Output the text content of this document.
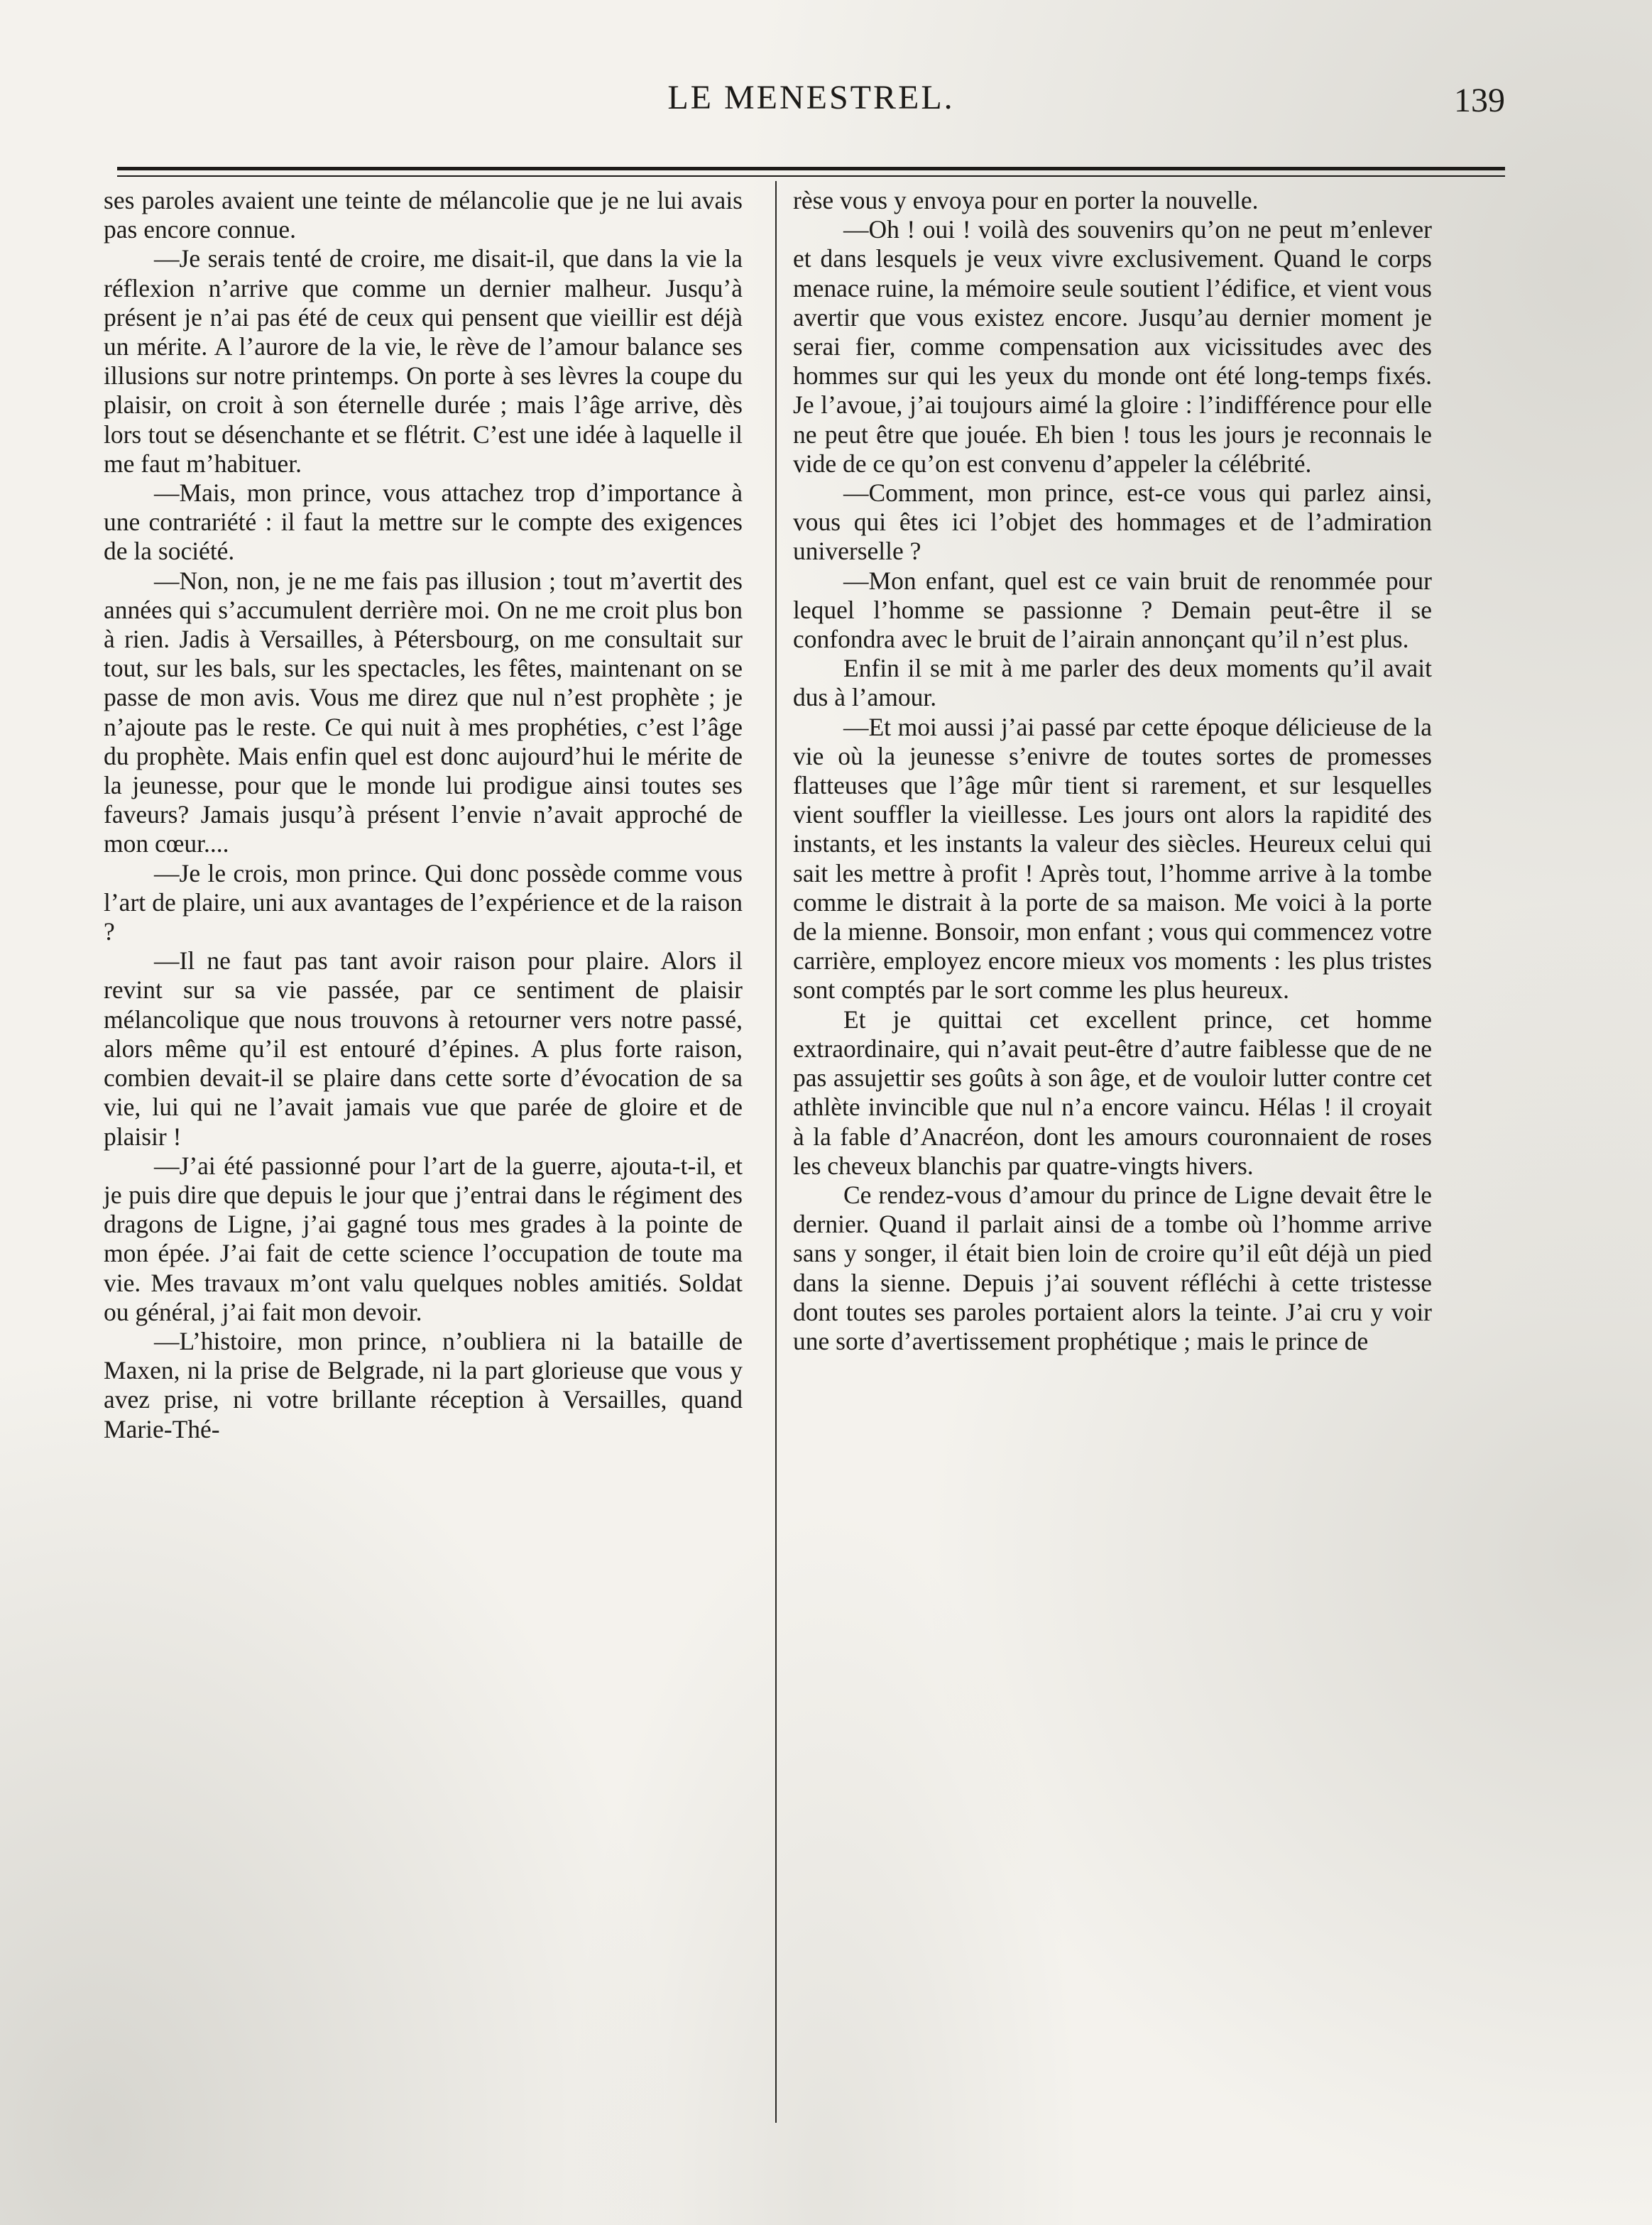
LE MENESTREL.	139

ses paroles avaient une teinte de mélancolie que je ne lui avais pas encore connue.

—Je serais tenté de croire, me disait-il, que dans la vie la réflexion n’arrive que comme un dernier malheur. Jusqu’à présent je n’ai pas été de ceux qui pensent que vieillir est déjà un mérite. A l’aurore de la vie, le rève de l’amour balance ses illusions sur notre printemps. On porte à ses lèvres la coupe du plaisir, on croit à son éternelle durée ; mais l’âge arrive, dès lors tout se désenchante et se flétrit. C’est une idée à laquelle il me faut m’habituer.

—Mais, mon prince, vous attachez trop d’importance à une contrariété : il faut la mettre sur le compte des exigences de la société.

—Non, non, je ne me fais pas illusion ; tout m’avertit des années qui s’accumulent derrière moi. On ne me croit plus bon à rien. Jadis à Versailles, à Pétersbourg, on me consultait sur tout, sur les bals, sur les spectacles, les fêtes, maintenant on se passe de mon avis. Vous me direz que nul n’est prophète ; je n’ajoute pas le reste. Ce qui nuit à mes prophéties, c’est l’âge du prophète. Mais enfin quel est donc aujourd’hui le mérite de la jeunesse, pour que le monde lui prodigue ainsi toutes ses faveurs? Jamais jusqu’à présent l’envie n’avait approché de mon cœur....

—Je le crois, mon prince. Qui donc possède comme vous l’art de plaire, uni aux avantages de l’expérience et de la raison ?

—Il ne faut pas tant avoir raison pour plaire. Alors il revint sur sa vie passée, par ce sentiment de plaisir mélancolique que nous trouvons à retourner vers notre passé, alors même qu’il est entouré d’épines. A plus forte raison, combien devait-il se plaire dans cette sorte d’évocation de sa vie, lui qui ne l’avait jamais vue que parée de gloire et de plaisir !

—J’ai été passionné pour l’art de la guerre, ajouta-t-il, et je puis dire que depuis le jour que j’entrai dans le régiment des dragons de Ligne, j’ai gagné tous mes grades à la pointe de mon épée. J’ai fait de cette science l’occupation de toute ma vie. Mes travaux m’ont valu quelques nobles amitiés. Soldat ou général, j’ai fait mon devoir.

—L’histoire, mon prince, n’oubliera ni la bataille de Maxen, ni la prise de Belgrade, ni la part glorieuse que vous y avez prise, ni votre brillante réception à Versailles, quand Marie-Thé-

rèse vous y envoya pour en porter la nouvelle.

—Oh ! oui ! voilà des souvenirs qu’on ne peut m’enlever et dans lesquels je veux vivre exclusivement. Quand le corps menace ruine, la mémoire seule soutient l’édifice, et vient vous avertir que vous existez encore. Jusqu’au dernier moment je serai fier, comme compensation aux vicissitudes avec des hommes sur qui les yeux du monde ont été long-temps fixés. Je l’avoue, j’ai toujours aimé la gloire : l’indifférence pour elle ne peut être que jouée. Eh bien ! tous les jours je reconnais le vide de ce qu’on est convenu d’appeler la célébrité.

—Comment, mon prince, est-ce vous qui parlez ainsi, vous qui êtes ici l’objet des hommages et de l’admiration universelle ?

—Mon enfant, quel est ce vain bruit de renommée pour lequel l’homme se passionne ? Demain peut-être il se confondra avec le bruit de l’airain annonçant qu’il n’est plus.

Enfin il se mit à me parler des deux moments qu’il avait dus à l’amour.

—Et moi aussi j’ai passé par cette époque délicieuse de la vie où la jeunesse s’enivre de toutes sortes de promesses flatteuses que l’âge mûr tient si rarement, et sur lesquelles vient souffler la vieillesse. Les jours ont alors la rapidité des instants, et les instants la valeur des siècles. Heureux celui qui sait les mettre à profit ! Après tout, l’homme arrive à la tombe comme le distrait à la porte de sa maison. Me voici à la porte de la mienne. Bonsoir, mon enfant ; vous qui commencez votre carrière, employez encore mieux vos moments : les plus tristes sont comptés par le sort comme les plus heureux.

Et je quittai cet excellent prince, cet homme extraordinaire, qui n’avait peut-être d’autre faiblesse que de ne pas assujettir ses goûts à son âge, et de vouloir lutter contre cet athlète invincible que nul n’a encore vaincu. Hélas ! il croyait à la fable d’Anacréon, dont les amours couronnaient de roses les cheveux blanchis par quatre-vingts hivers.

Ce rendez-vous d’amour du prince de Ligne devait être le dernier. Quand il parlait ainsi de a tombe où l’homme arrive sans y songer, il était bien loin de croire qu’il eût déjà un pied dans la sienne. Depuis j’ai souvent réfléchi à cette tristesse dont toutes ses paroles portaient alors la teinte. J’ai cru y voir une sorte d’avertissement prophétique ; mais le prince de
